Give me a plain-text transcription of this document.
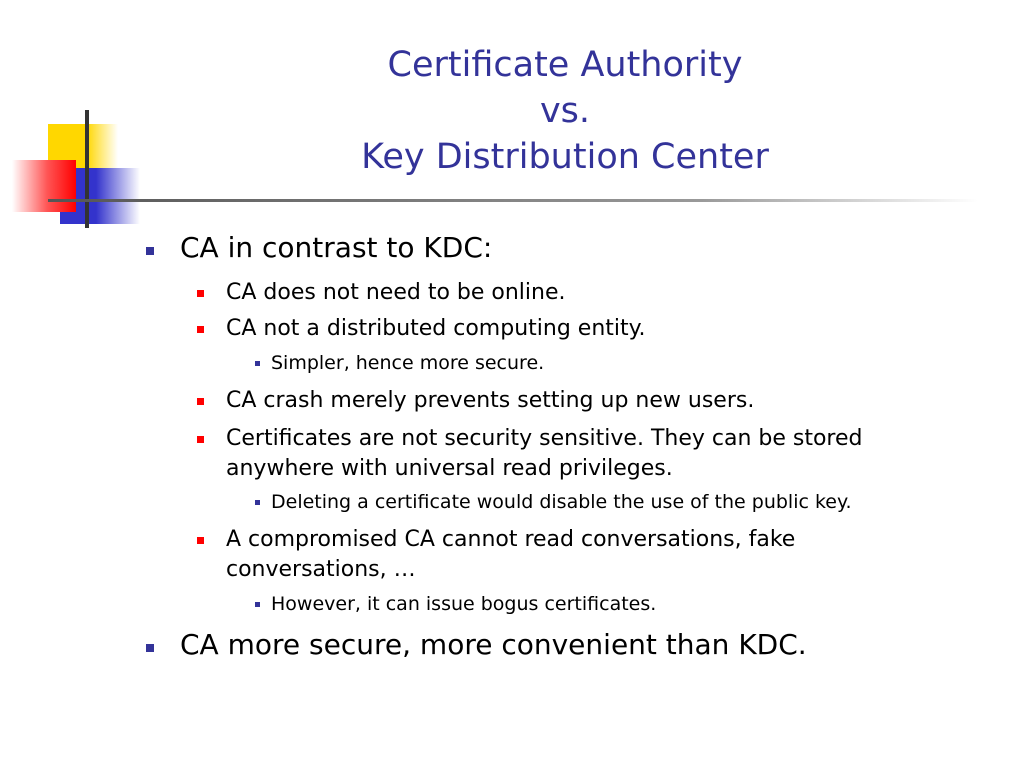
Certificate Authority
vs.
Key Distribution Center
CA in contrast to KDC:
CA does not need to be online.
CA not a distributed computing entity.
Simpler, hence more secure.
CA crash merely prevents setting up new users.
Certificates are not security sensitive. They can be stored
anywhere with universal read privileges.
Deleting a certificate would disable the use of the public key.
A compromised CA cannot read conversations, fake
conversations, …
However, it can issue bogus certificates.
CA more secure, more convenient than KDC.
